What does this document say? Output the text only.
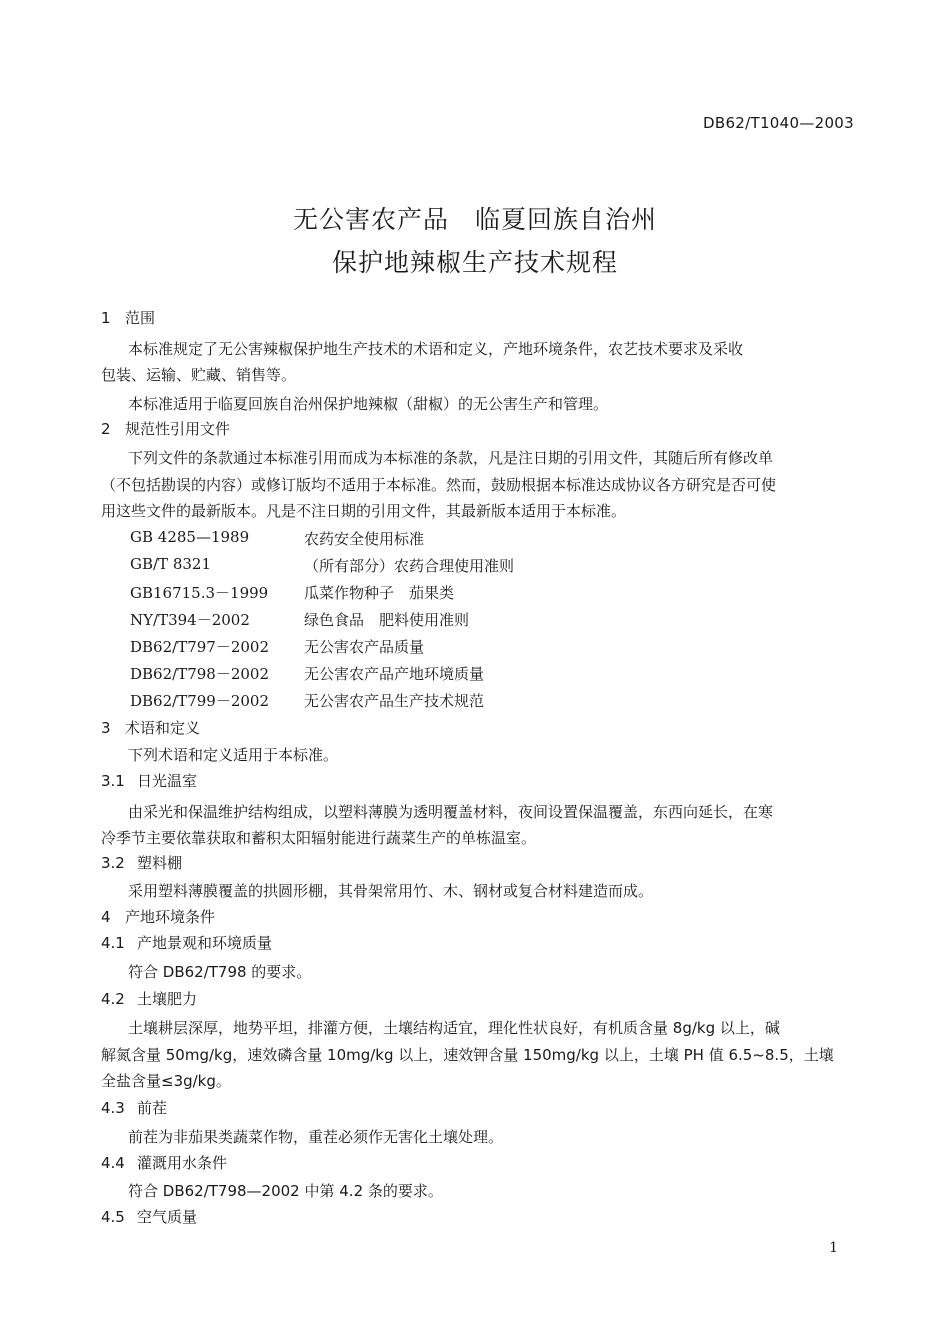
DB62/T1040—2003
无公害农产品　临夏回族自治州
保护地辣椒生产技术规程
1 范围
本标准规定了无公害辣椒保护地生产技术的术语和定义，产地环境条件，农艺技术要求及采收
包装、运输、贮藏、销售等。
本标准适用于临夏回族自治州保护地辣椒（甜椒）的无公害生产和管理。
2 规范性引用文件
下列文件的条款通过本标准引用而成为本标准的条款，凡是注日期的引用文件，其随后所有修改单
（不包括勘误的内容）或修订版均不适用于本标准。然而，鼓励根据本标准达成协议各方研究是否可使
用这些文件的最新版本。凡是不注日期的引用文件，其最新版本适用于本标准。
GB 4285—1989	农药安全使用标准
GB/T 8321	（所有部分）农药合理使用准则
GB16715.3－1999 瓜菜作物种子　茄果类
NY/T394－2002	绿色食品　肥料使用准则
DB62/T797－2002 无公害农产品质量
DB62/T798－2002 无公害农产品产地环境质量
DB62/T799－2002 无公害农产品生产技术规范
3 术语和定义
下列术语和定义适用于本标准。
3.1 日光温室
由采光和保温维护结构组成，以塑料薄膜为透明覆盖材料，夜间设置保温覆盖，东西向延长，在寒
冷季节主要依靠获取和蓄积太阳辐射能进行蔬菜生产的单栋温室。
3.2 塑料棚
采用塑料薄膜覆盖的拱圆形棚，其骨架常用竹、木、钢材或复合材料建造而成。
4 产地环境条件
4.1 产地景观和环境质量
符合 DB62/T798 的要求。
4.2 土壤肥力
土壤耕层深厚，地势平坦，排灌方便，土壤结构适宜，理化性状良好，有机质含量 8g/kg 以上，碱
解氮含量 50mg/kg，速效磷含量 10mg/kg 以上，速效钾含量 150mg/kg 以上，土壤 PH 值 6.5~8.5，土壤
全盐含量≤3g/kg。
4.3 前茬
前茬为非茄果类蔬菜作物，重茬必须作无害化土壤处理。
4.4 灌溉用水条件
符合 DB62/T798—2002 中第 4.2 条的要求。
4.5 空气质量
1
